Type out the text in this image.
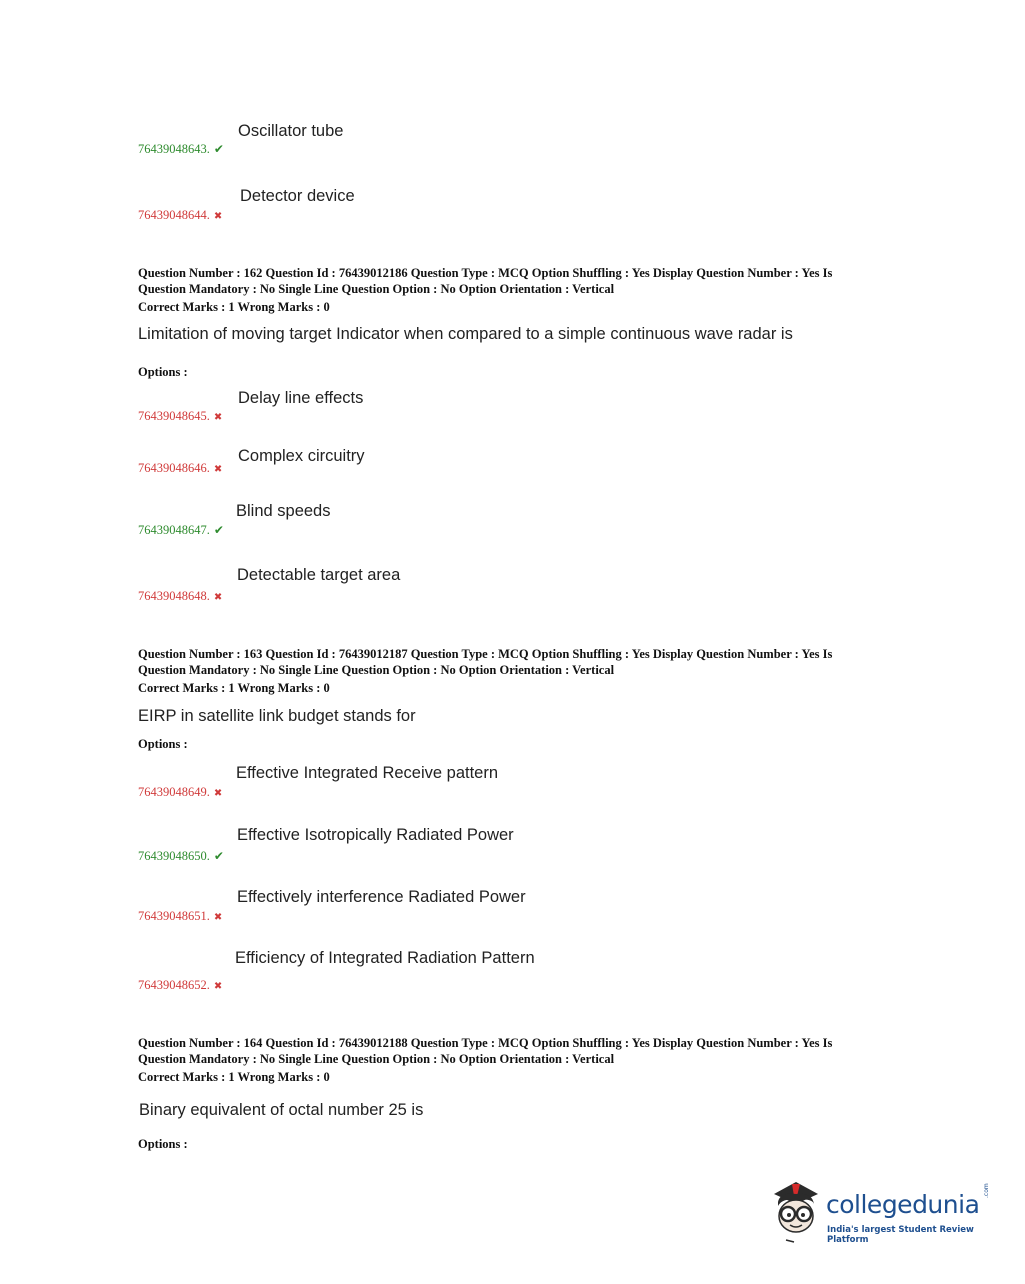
Oscillator tube
76439048643. ✔
Detector device
76439048644. ✖
Question Number : 162 Question Id : 76439012186 Question Type : MCQ Option Shuffling : Yes Display Question Number : Yes Is
Question Mandatory : No Single Line Question Option : No Option Orientation : Vertical
Correct Marks : 1 Wrong Marks : 0
Limitation of moving target Indicator when compared to a simple continuous wave radar is
Options :
Delay line effects
76439048645. ✖
Complex circuitry
76439048646. ✖
Blind speeds
76439048647. ✔
Detectable target area
76439048648. ✖
Question Number : 163 Question Id : 76439012187 Question Type : MCQ Option Shuffling : Yes Display Question Number : Yes Is
Question Mandatory : No Single Line Question Option : No Option Orientation : Vertical
Correct Marks : 1 Wrong Marks : 0
EIRP in satellite link budget stands for
Options :
Effective Integrated Receive pattern
76439048649. ✖
Effective Isotropically Radiated Power
76439048650. ✔
Effectively interference Radiated Power
76439048651. ✖
Efficiency of Integrated Radiation Pattern
76439048652. ✖
Question Number : 164 Question Id : 76439012188 Question Type : MCQ Option Shuffling : Yes Display Question Number : Yes Is
Question Mandatory : No Single Line Question Option : No Option Orientation : Vertical
Correct Marks : 1 Wrong Marks : 0
Binary equivalent of octal number 25 is
Options :
collegedunia .com
India's largest Student Review Platform
